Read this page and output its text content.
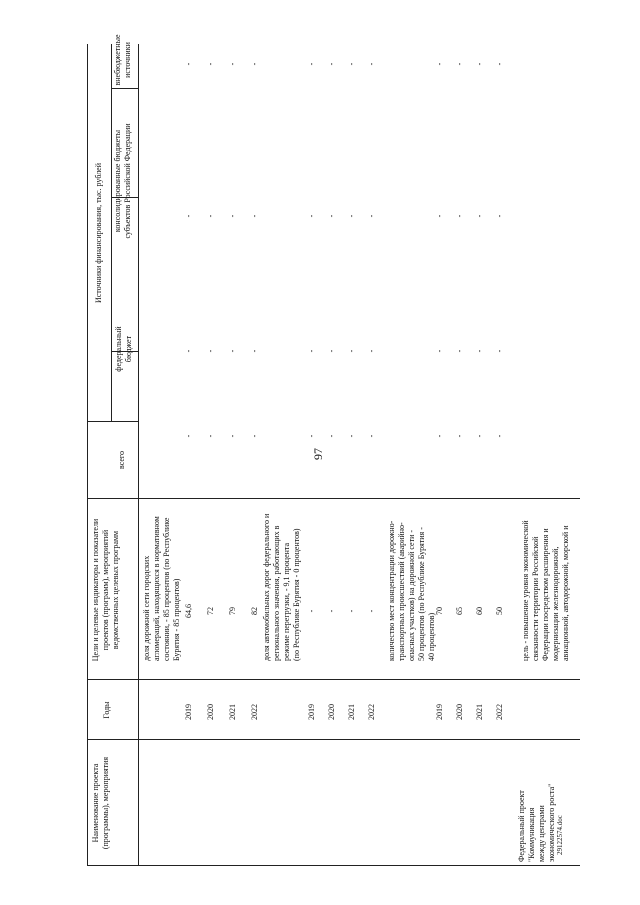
97
29122574.doc
Наименование проекта (программы), мероприятия
Годы
Цели и целевые индикаторы и показатели проектов (программ), мероприятий ведомственных целевых программ
Источники финансирования, тыс. рублей
всего
федеральный бюджет
консолидированные бюджеты субъектов Российской Федерации
внебюджетные источники
доля дорожной сети городских агломераций, находящихся в нормативном состоянии, - 85 процентов (по Республике Бурятия - 85 процентов)
2019 2020 2021 2022
64,6 72 79 82 доля автомобильных дорог федерального и регионального значения, работающих в режиме перегрузки, - 9,1 процента (по Республике Бурятия - 0 процентов)
2019 2020 2021 2022
- - - - количество мест концентрации дорожно- транспортных происшествий (аварийно- опасных участков) на дорожной сети - 50 процентов (по Республике Бурятия - 40 процентов)
2019 2020 2021 2022
70 65 60 50
-
-
-
-
-
-
-
-
-
-
-
-
-
-
-
-
-
-
-
-
-
-
-
-
-
-
-
-
-
-
-
-
-
-
-
-
-
-
-
-
-
-
-
-
-
-
-
-
Федеральный проект "Коммуникация между центрами экономического роста"
цель - повышение уровня экономической связанности территории Российской Федерации посредством расширения и модернизации железнодорожной, авиационной, автодорожной, морской и
